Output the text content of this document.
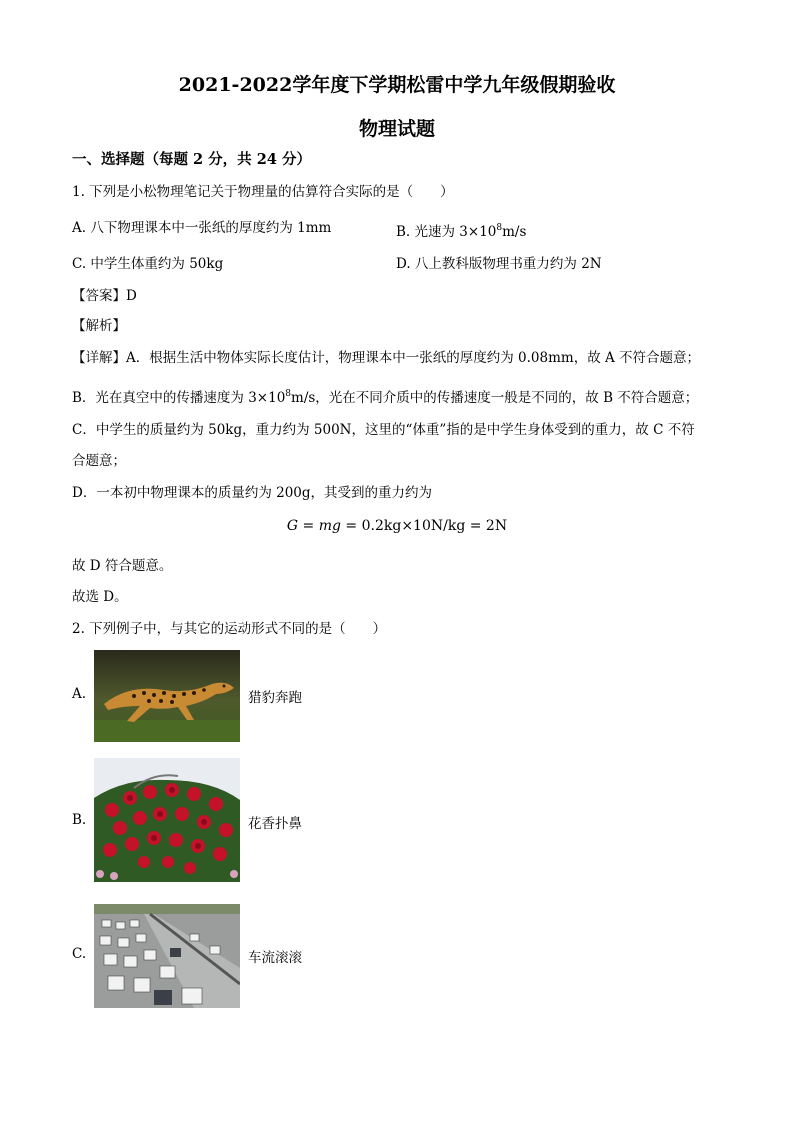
2021-2022学年度下学期松雷中学九年级假期验收
物理试题
一、选择题（每题 2 分，共 24 分）
1. 下列是小松物理笔记关于物理量的估算符合实际的是（　　）
A. 八下物理课本中一张纸的厚度约为 1mm	B. 光速为 $3\times 10^8m/s$
C. 中学生体重约为 50kg	D. 八上教科版物理书重力约为 2N
【答案】D
【解析】
【详解】A．根据生活中物体实际长度估计，物理课本中一张纸的厚度约为 0.08mm，故 A 不符合题意；
B．光在真空中的传播速度为 $3\times 10^8m/s$，光在不同介质中的传播速度一般是不同的，故 B 不符合题意；
C．中学生的质量约为 50kg，重力约为 500N，这里的“体重”指的是中学生身体受到的重力，故 C 不符
合题意；
D．一本初中物理课本的质量约为 200g，其受到的重力约为
G = mg = 0.2kg×10N/kg = 2N
故 D 符合题意。
故选 D。
2. 下列例子中，与其它的运动形式不同的是（　　）
A.	猎豹奔跑
B.	花香扑鼻
C.	车流滚滚
